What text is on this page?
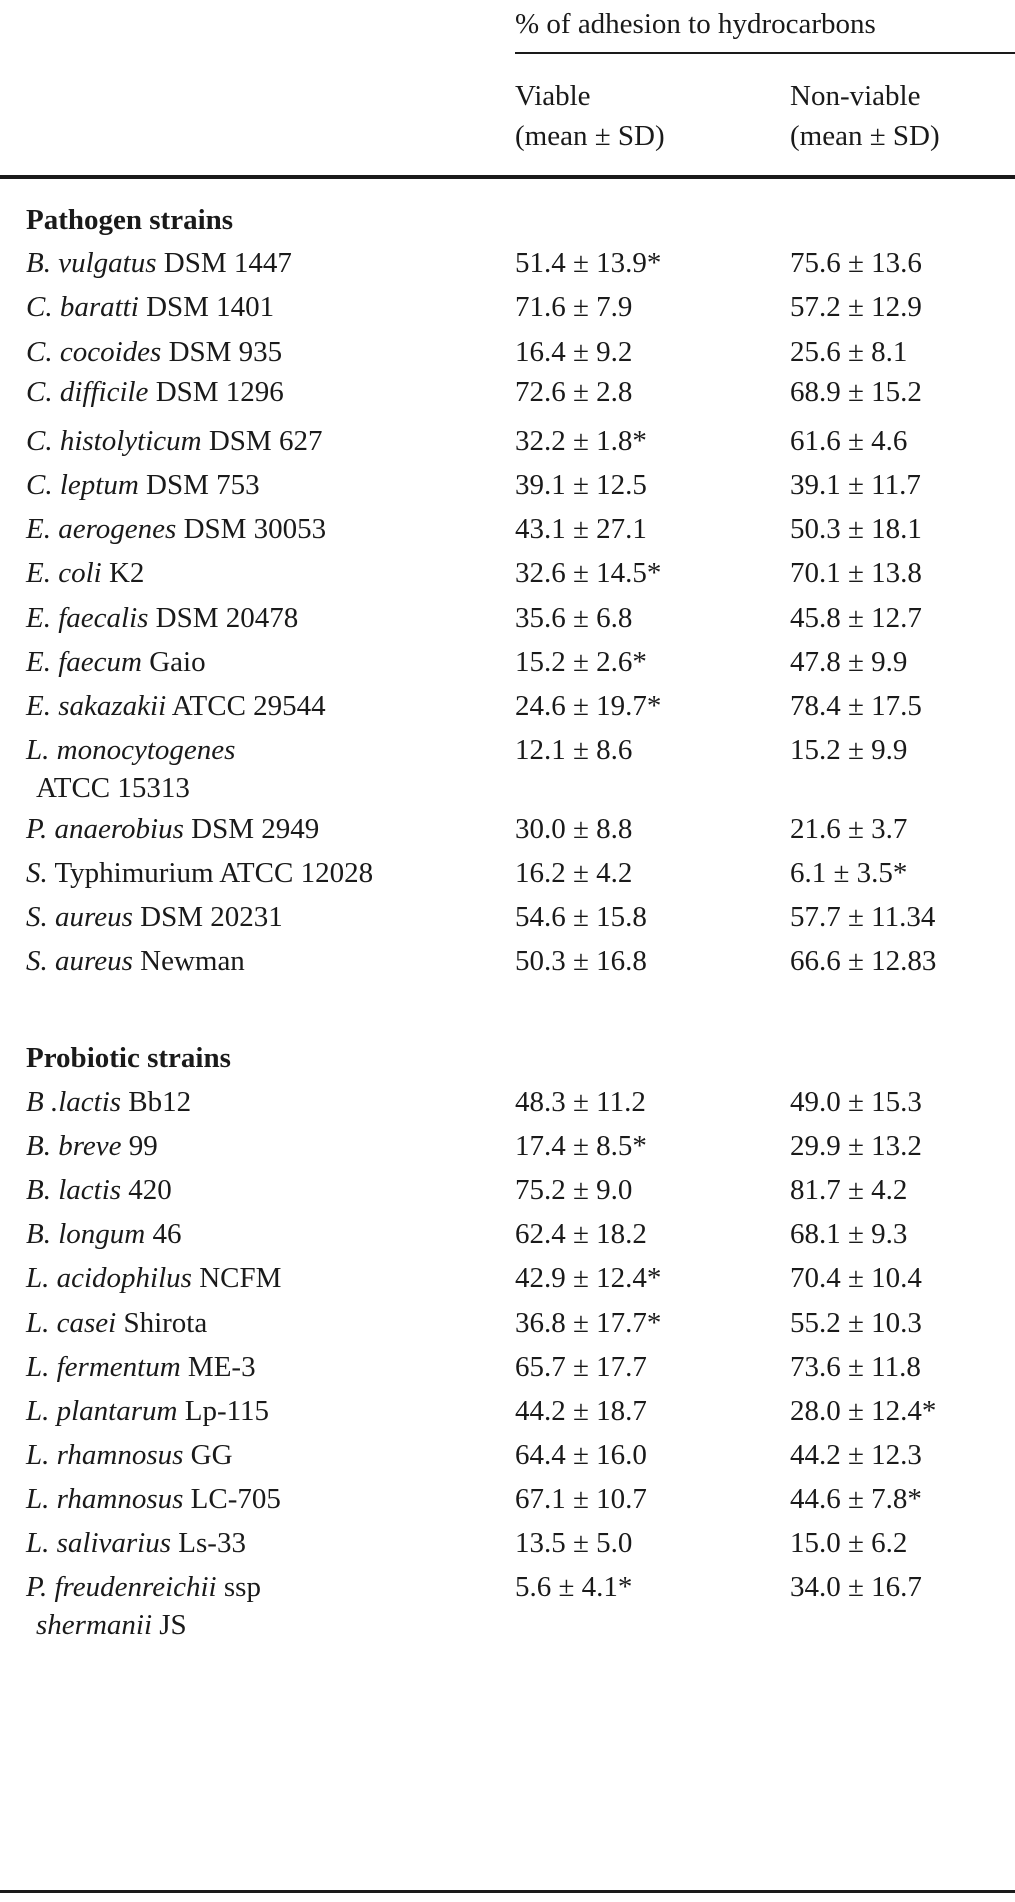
% of adhesion to hydrocarbons
Viable
(mean ± SD)
Non-viable
(mean ± SD)
Pathogen strains
B. vulgatus DSM 1447	51.4 ± 13.9*	75.6 ± 13.6
C. baratti DSM 1401	71.6 ± 7.9	57.2 ± 12.9
C. cocoides DSM 935	16.4 ± 9.2	25.6 ± 8.1
C. difficile DSM 1296	72.6 ± 2.8	68.9 ± 15.2
C. histolyticum DSM 627	32.2 ± 1.8*	61.6 ± 4.6
C. leptum DSM 753	39.1 ± 12.5	39.1 ± 11.7
E. aerogenes DSM 30053	43.1 ± 27.1	50.3 ± 18.1
E. coli K2	32.6 ± 14.5*	70.1 ± 13.8
E. faecalis DSM 20478	35.6 ± 6.8	45.8 ± 12.7
E. faecum Gaio	15.2 ± 2.6*	47.8 ± 9.9
E. sakazakii ATCC 29544	24.6 ± 19.7*	78.4 ± 17.5
L. monocytogenes
ATCC 15313
12.1 ± 8.6	15.2 ± 9.9
P. anaerobius DSM 2949	30.0 ± 8.8	21.6 ± 3.7
S. Typhimurium ATCC 12028	16.2 ± 4.2	6.1 ± 3.5*
S. aureus DSM 20231	54.6 ± 15.8	57.7 ± 11.34
S. aureus Newman	50.3 ± 16.8	66.6 ± 12.83
Probiotic strains
B .lactis Bb12	48.3 ± 11.2	49.0 ± 15.3
B. breve 99	17.4 ± 8.5*	29.9 ± 13.2
B. lactis 420	75.2 ± 9.0	81.7 ± 4.2
B. longum 46	62.4 ± 18.2	68.1 ± 9.3
L. acidophilus NCFM	42.9 ± 12.4*	70.4 ± 10.4
L. casei Shirota	36.8 ± 17.7*	55.2 ± 10.3
L. fermentum ME-3	65.7 ± 17.7	73.6 ± 11.8
L. plantarum Lp-115	44.2 ± 18.7	28.0 ± 12.4*
L. rhamnosus GG	64.4 ± 16.0	44.2 ± 12.3
L. rhamnosus LC-705	67.1 ± 10.7	44.6 ± 7.8*
L. salivarius Ls-33	13.5 ± 5.0	15.0 ± 6.2
P. freudenreichii ssp
shermanii JS
5.6 ± 4.1*	34.0 ± 16.7
